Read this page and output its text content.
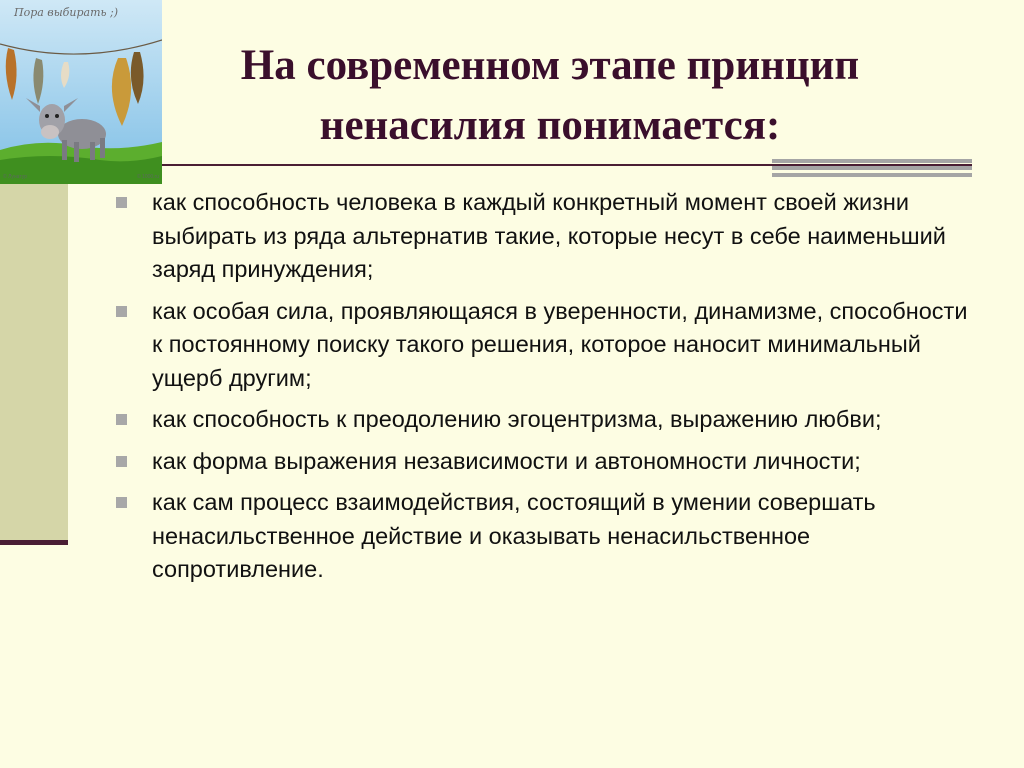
Пора выбирать ;)
© Лунатур	© 1000.ru
На современном этапе принцип
ненасилия понимается:
как способность человека в каждый конкретный момент своей жизни выбирать из ряда альтернатив такие, которые несут в себе наименьший заряд принуждения;
как особая сила, проявляющаяся в уверенности, динамизме, способности к постоянному поиску такого решения, которое наносит минимальный ущерб другим;
как способность к преодолению эгоцентризма, выражению любви;
как форма выражения независимости и автономности личности;
как сам процесс взаимодействия, состоящий в умении совершать ненасильственное действие и оказывать ненасильственное сопротивление.
